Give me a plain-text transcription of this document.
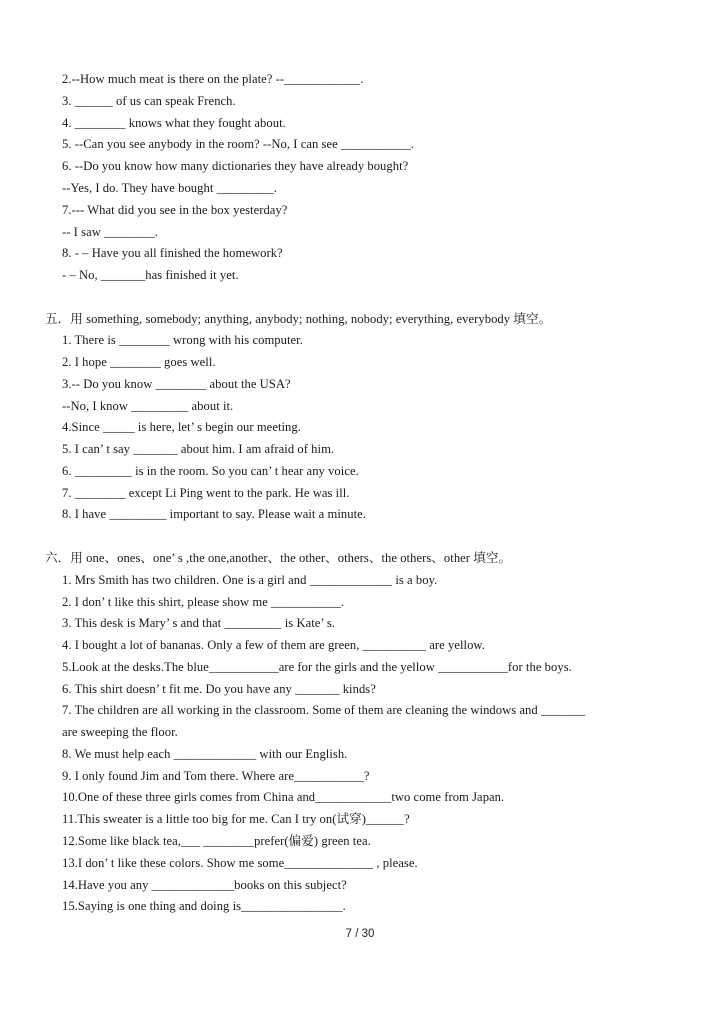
2.--How much meat is there on the plate? --____________.
3. ______ of us can speak French.
4. ________ knows what they fought about.
5. --Can you see anybody in the room? --No, I can see ___________.
6. --Do you know how many dictionaries they have already bought?
--Yes, I do. They have bought _________.
7.--- What did you see in the box yesterday?
-- I saw ________.
8. - – Have you all finished the homework?
- – No, _______has finished it yet.
五．用 something, somebody; anything, anybody; nothing, nobody; everything, everybody 填空。
1. There is ________ wrong with his computer.
2. I hope ________ goes well.
3.-- Do you know ________ about the USA?
--No, I know _________ about it.
4.Since _____ is here, let’ s begin our meeting.
5. I can’ t say _______ about him. I am afraid of him.
6. _________ is in the room. So you can’ t hear any voice.
7. ________ except Li Ping went to the park. He was ill.
8. I have _________ important to say. Please wait a minute.
六．用 one、ones、one’ s ,the one,another、the other、others、the others、other 填空。
1. Mrs Smith has two children. One is a girl and _____________ is a boy.
2. I don’ t like this shirt, please show me ___________.
3. This desk is Mary’ s and that _________ is Kate’ s.
4. I bought a lot of bananas. Only a few of them are green, __________ are yellow.
5.Look at the desks.The blue___________are for the girls and the yellow ___________for the boys.
6. This shirt doesn’ t fit me. Do you have any _______ kinds?
7. The children are all working in the classroom. Some of them are cleaning the windows and _______
are sweeping the floor.
8. We must help each _____________ with our English.
9. I only found Jim and Tom there. Where are___________?
10.One of these three girls comes from China and____________two come from Japan.
11.This sweater is a little too big for me. Can I try on(试穿)______?
12.Some like black tea,___ ________prefer(偏爱) green tea.
13.I don’ t like these colors. Show me some______________ , please.
14.Have you any _____________books on this subject?
15.Saying is one thing and doing is________________.
7 / 30
